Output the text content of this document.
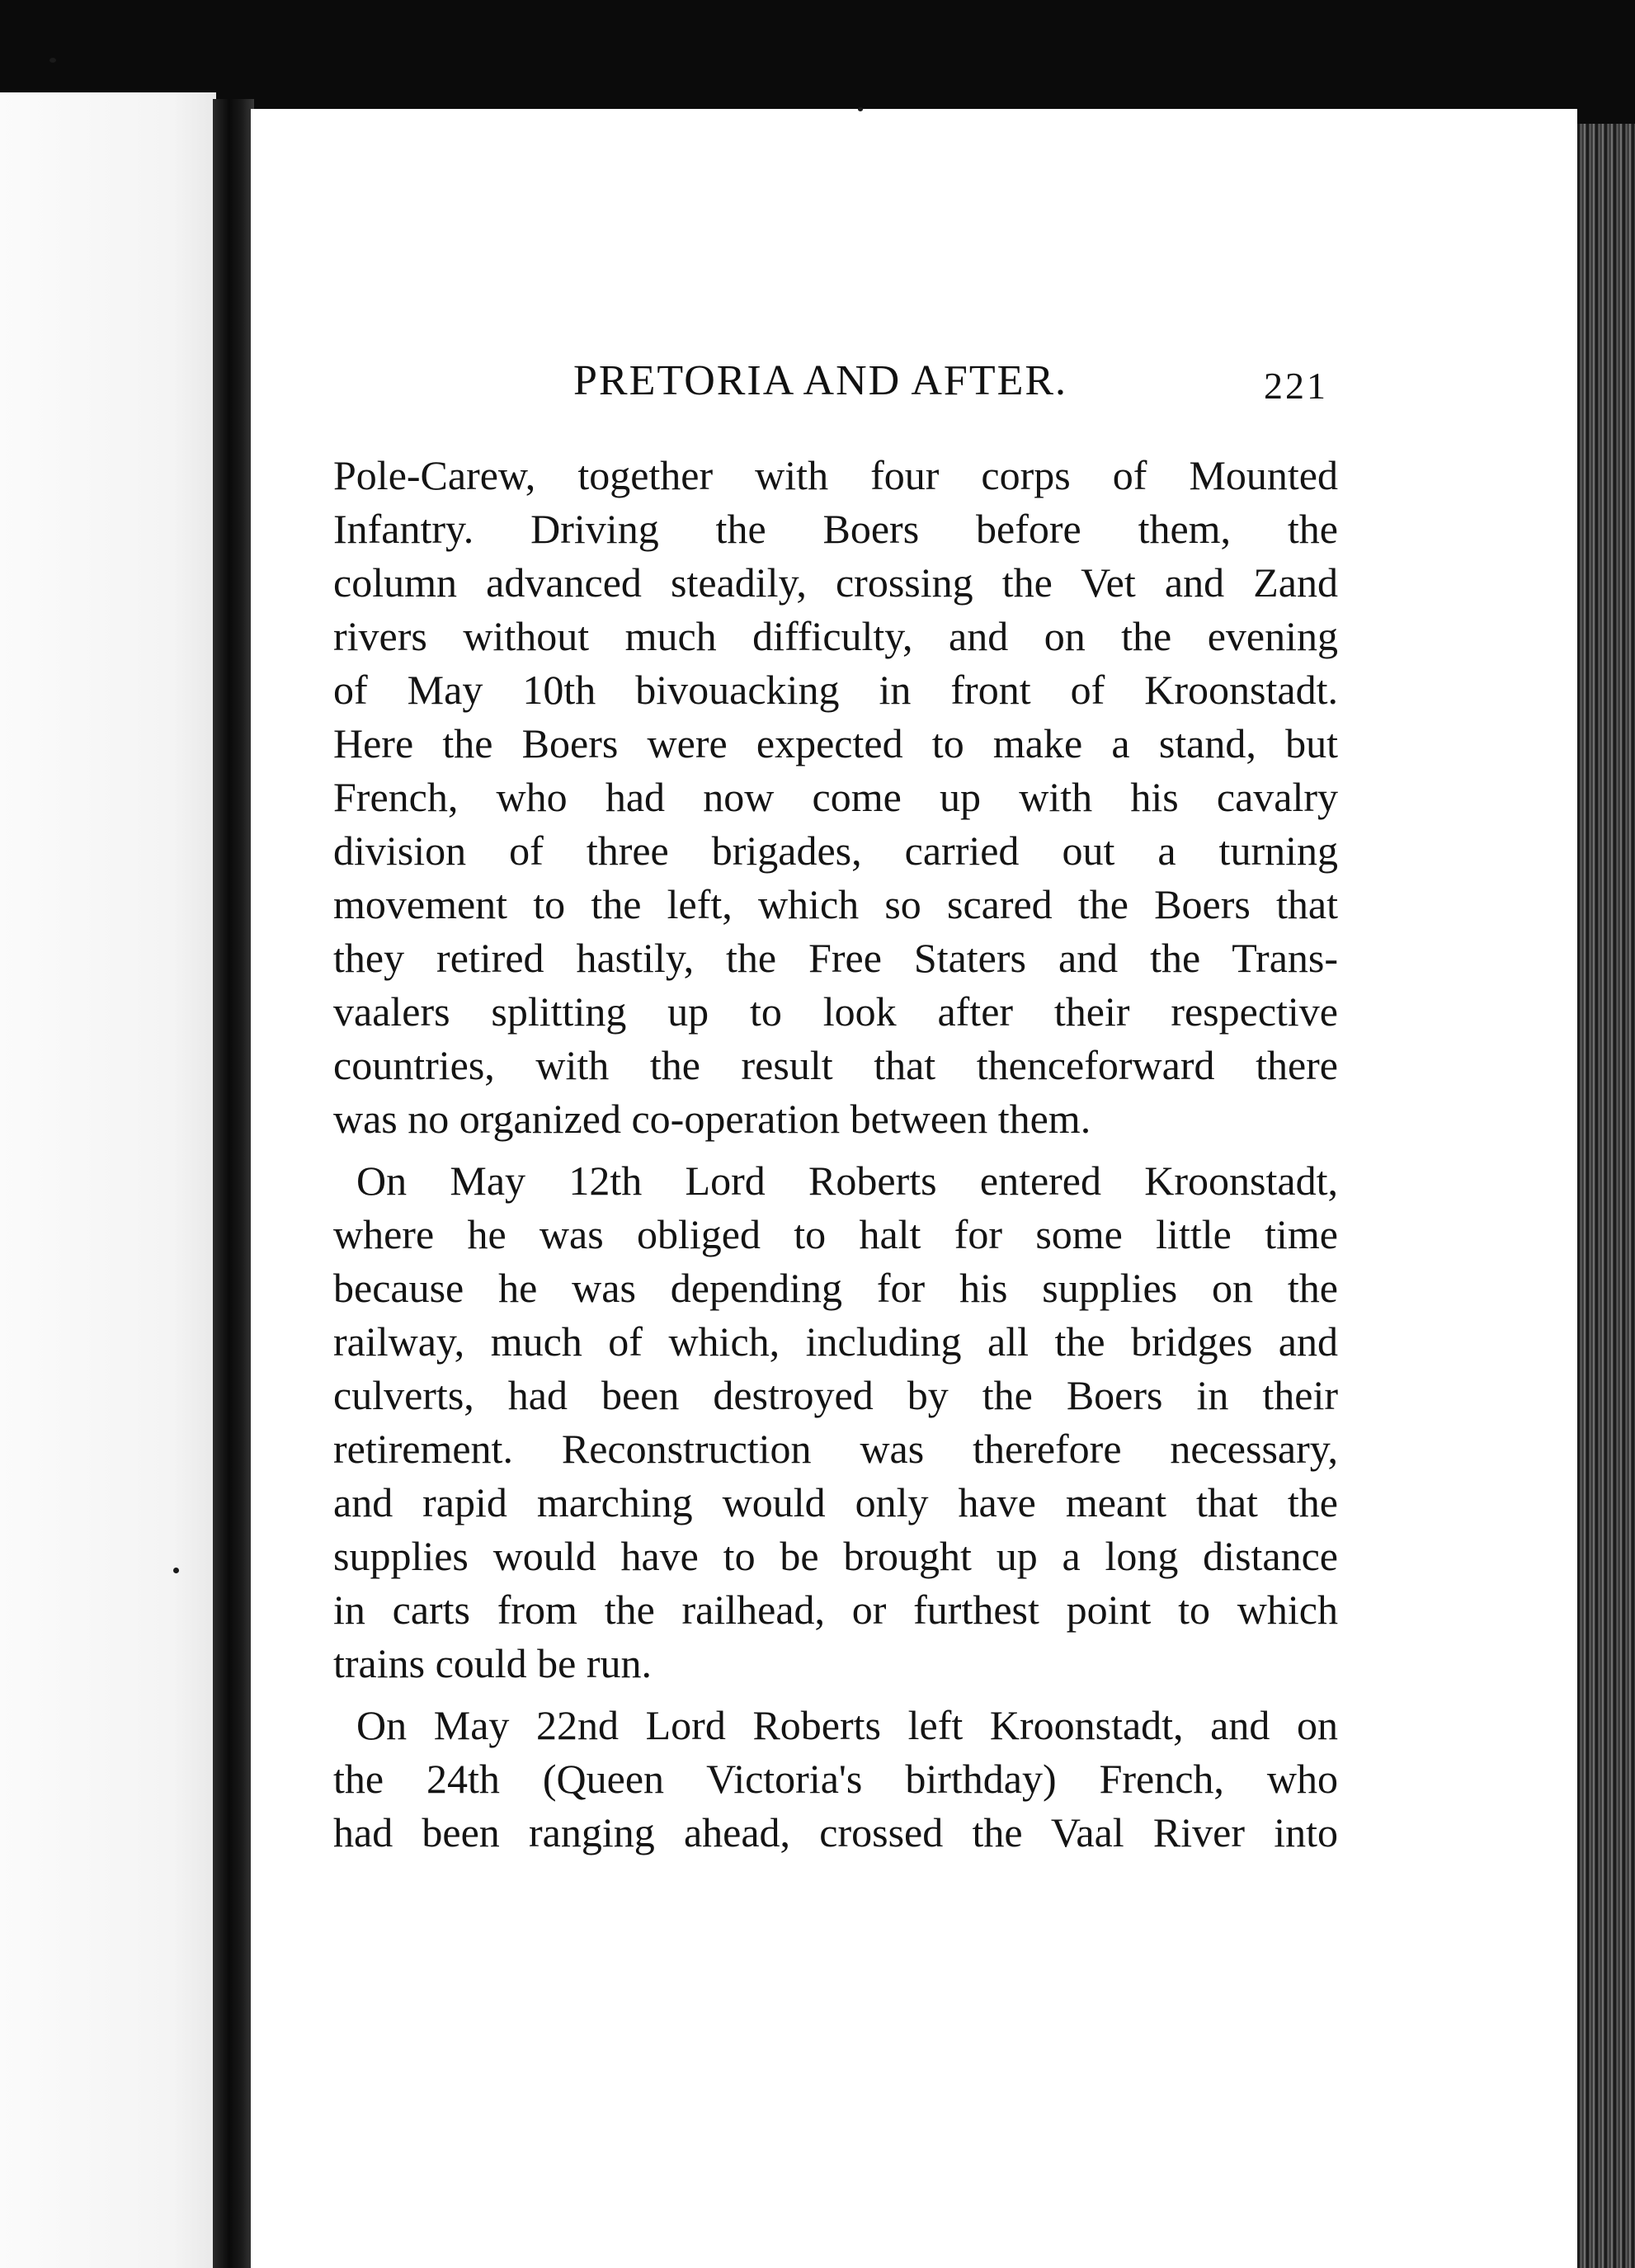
PRETORIA AND AFTER.	221
Pole-Carew, together with four corps of Mounted
Infantry. Driving the Boers before them, the
column advanced steadily, crossing the Vet and Zand
rivers without much difficulty, and on the evening
of May 10th bivouacking in front of Kroonstadt.
Here the Boers were expected to make a stand, but
French, who had now come up with his cavalry
division of three brigades, carried out a turning
movement to the left, which so scared the Boers that
they retired hastily, the Free Staters and the Trans-
vaalers splitting up to look after their respective
countries, with the result that thenceforward there
was no organized co-operation between them.
On May 12th Lord Roberts entered Kroonstadt,
where he was obliged to halt for some little time
because he was depending for his supplies on the
railway, much of which, including all the bridges and
culverts, had been destroyed by the Boers in their
retirement. Reconstruction was therefore necessary,
and rapid marching would only have meant that the
supplies would have to be brought up a long distance
in carts from the railhead, or furthest point to which
trains could be run.
On May 22nd Lord Roberts left Kroonstadt, and on
the 24th (Queen Victoria's birthday) French, who
had been ranging ahead, crossed the Vaal River into
